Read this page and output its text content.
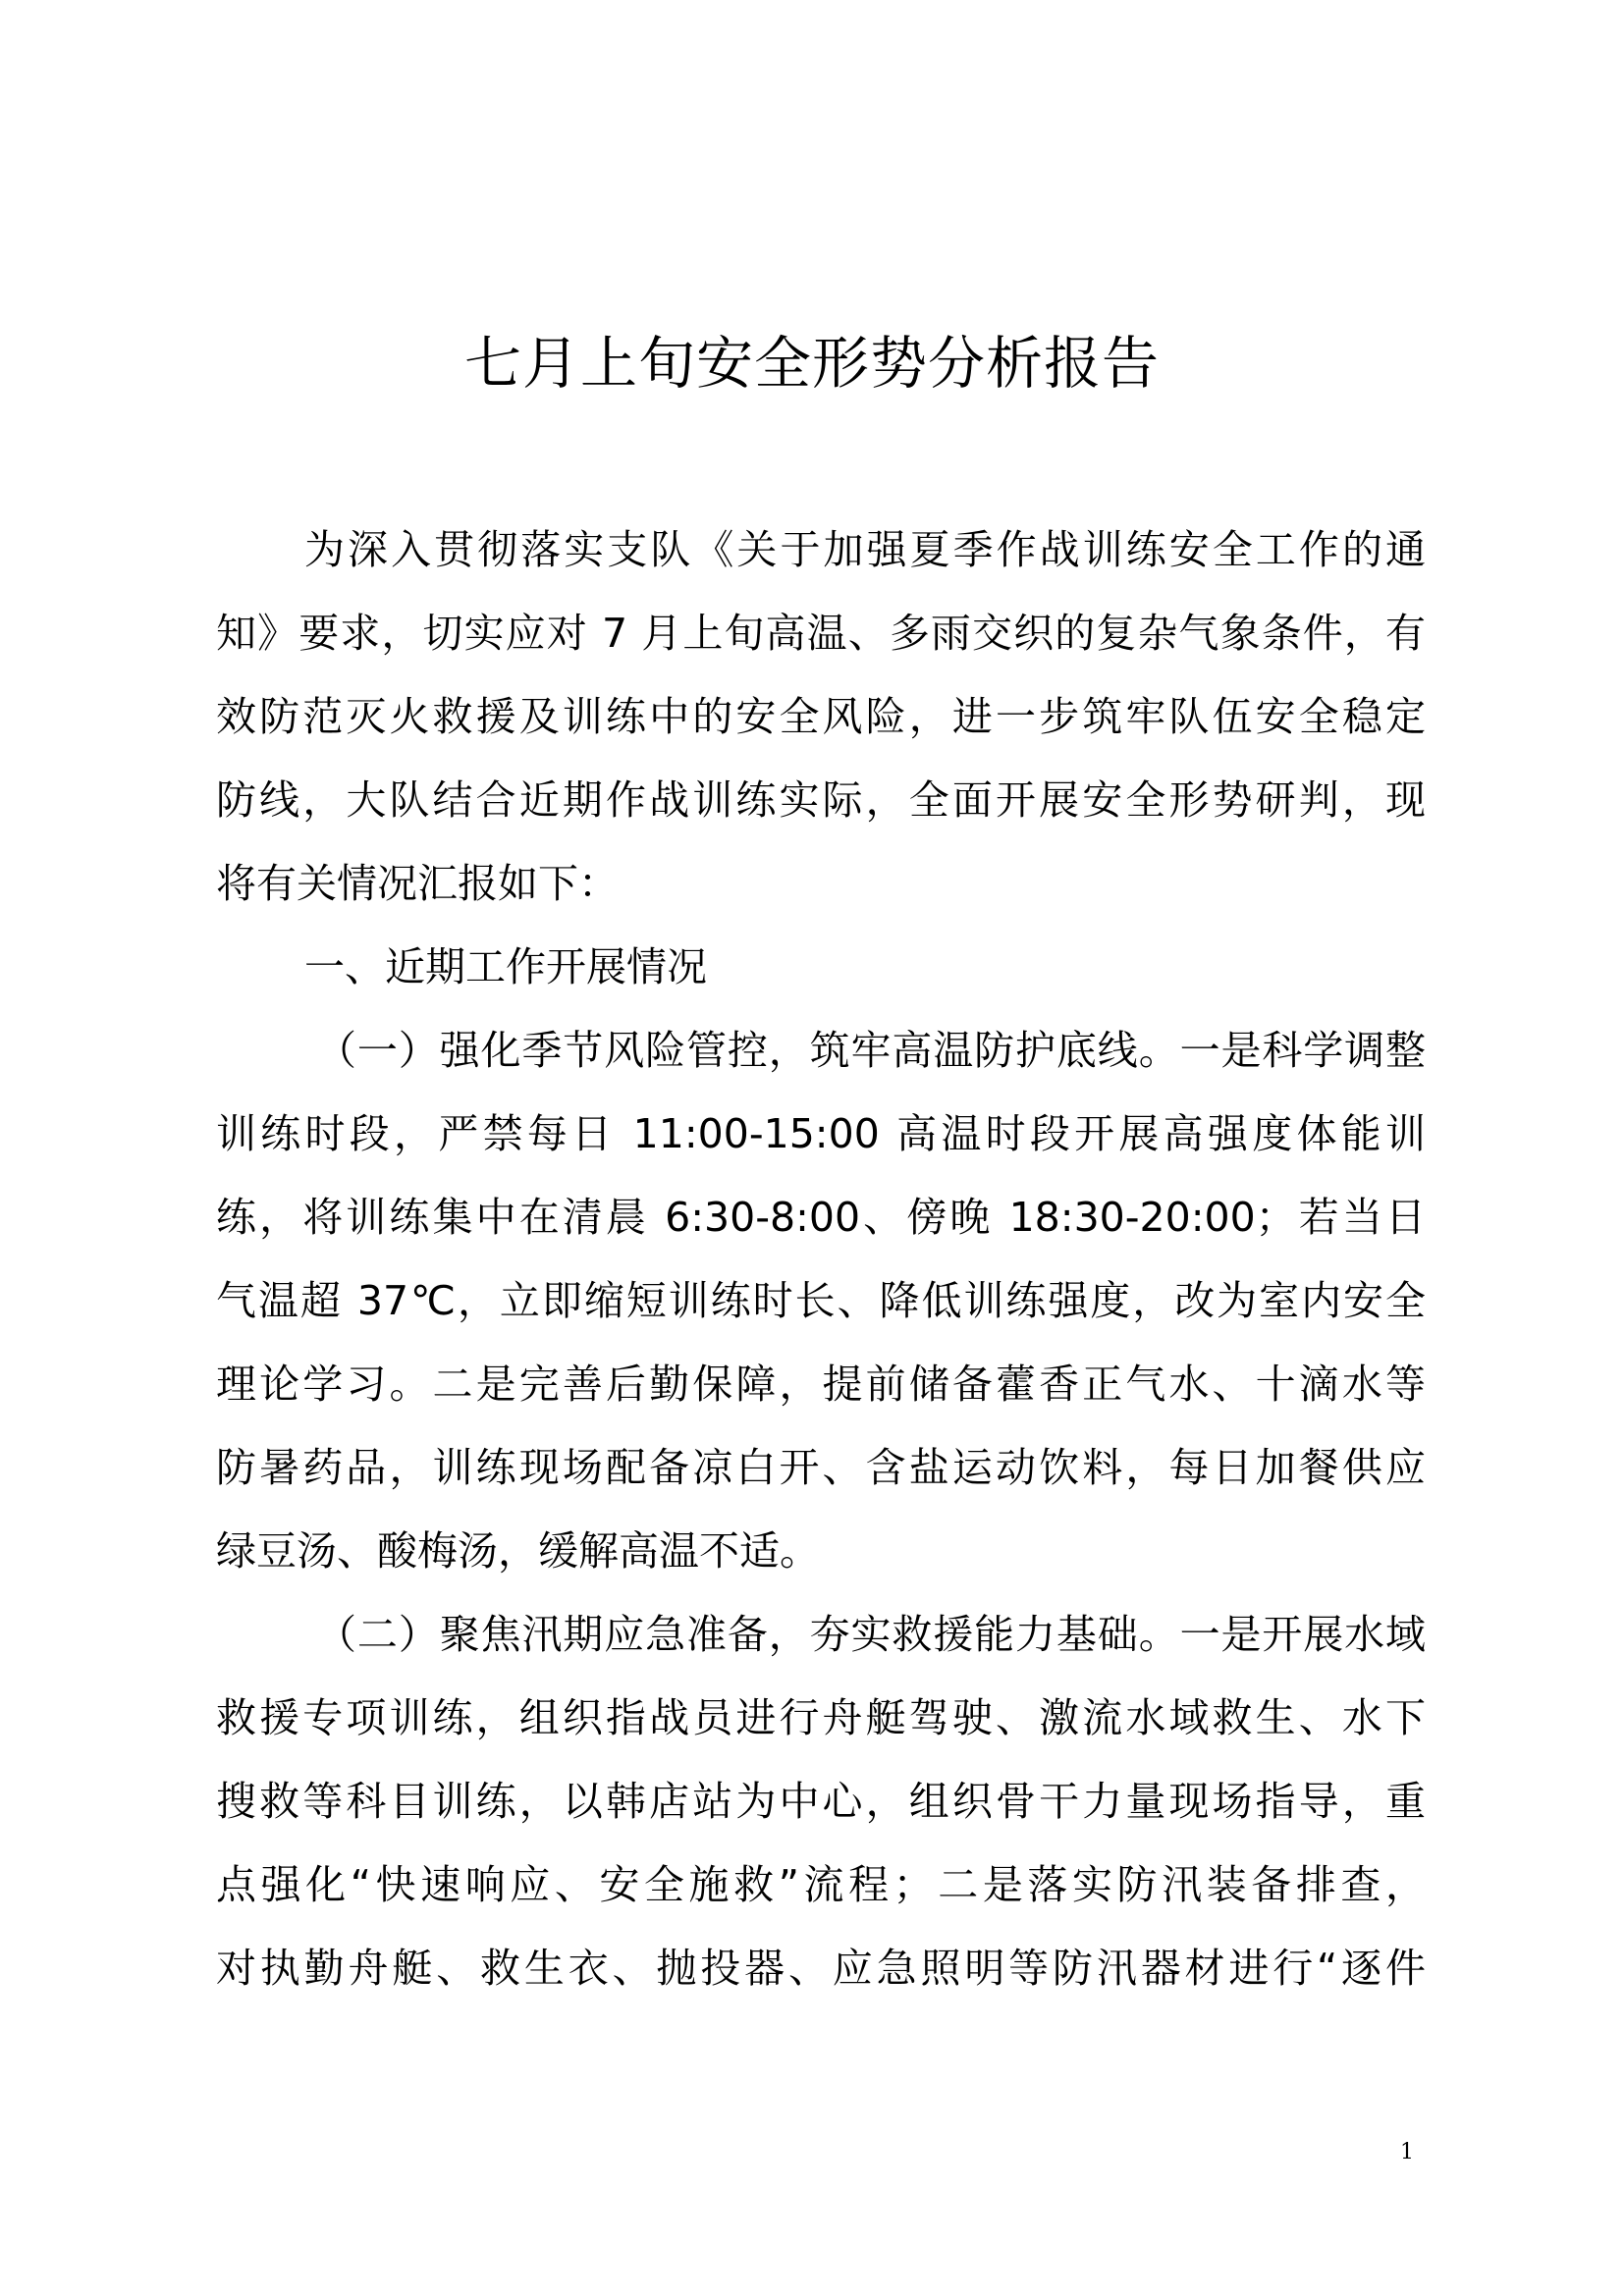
七月上旬安全形势分析报告

为深入贯彻落实支队《关于加强夏季作战训练安全工作的通

知》要求，切实应对 7 月上旬高温、多雨交织的复杂气象条件，有

效防范灭火救援及训练中的安全风险，进一步筑牢队伍安全稳定

防线，大队结合近期作战训练实际，全面开展安全形势研判，现

将有关情况汇报如下：

一、近期工作开展情况

（一）强化季节风险管控，筑牢高温防护底线。一是科学调整

训练时段，严禁每日 11:00-15:00 高温时段开展高强度体能训

练，将训练集中在清晨 6:30-8:00、傍晚 18:30-20:00；若当日

气温超 37℃，立即缩短训练时长、降低训练强度，改为室内安全

理论学习。二是完善后勤保障，提前储备藿香正气水、十滴水等

防暑药品，训练现场配备凉白开、含盐运动饮料，每日加餐供应

绿豆汤、酸梅汤，缓解高温不适。

（二）聚焦汛期应急准备，夯实救援能力基础。一是开展水域

救援专项训练，组织指战员进行舟艇驾驶、激流水域救生、水下

搜救等科目训练，以韩店站为中心，组织骨干力量现场指导，重

点强化“快速响应、安全施救”流程；二是落实防汛装备排查，

对执勤舟艇、救生衣、抛投器、应急照明等防汛器材进行“逐件

1
